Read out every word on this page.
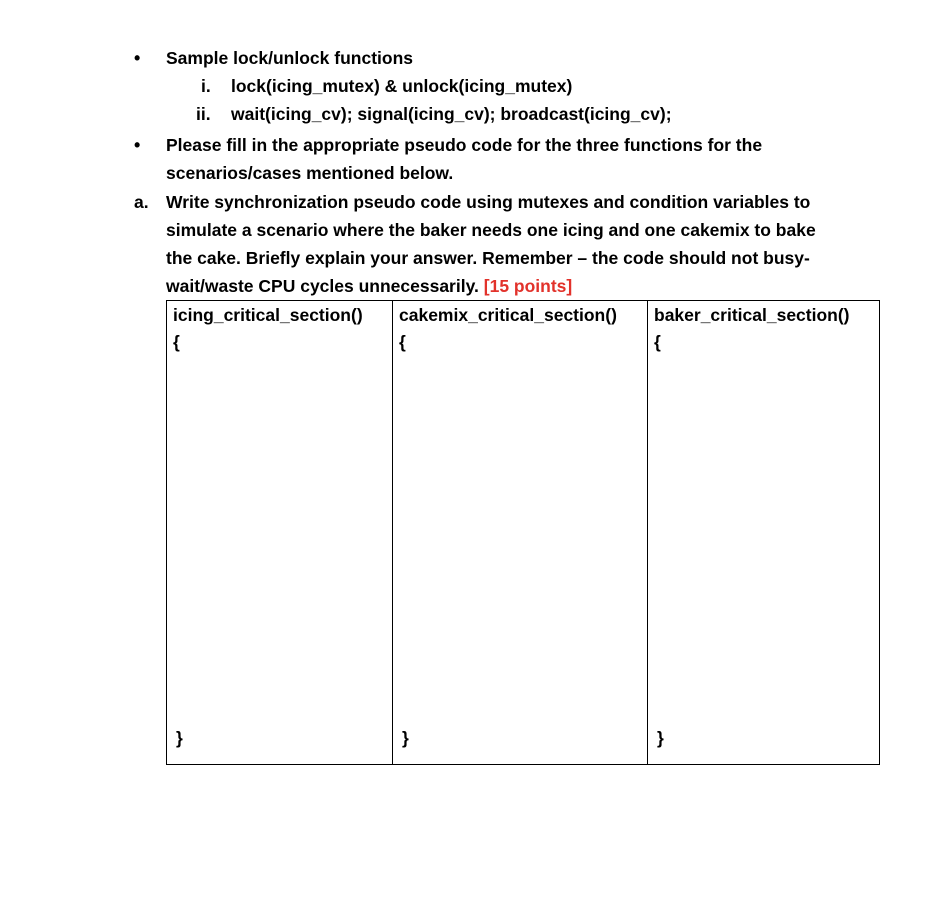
• Sample lock/unlock functions
i. lock(icing_mutex) & unlock(icing_mutex)
ii. wait(icing_cv); signal(icing_cv); broadcast(icing_cv);
• Please fill in the appropriate pseudo code for the three functions for the
scenarios/cases mentioned below.
a. Write synchronization pseudo code using mutexes and condition variables to
simulate a scenario where the baker needs one icing and one cakemix to bake
the cake. Briefly explain your answer. Remember – the code should not busy-
wait/waste CPU cycles unnecessarily. [15 points]
icing_critical_section()
{
}

cakemix_critical_section()
{
}

baker_critical_section()
{
}
